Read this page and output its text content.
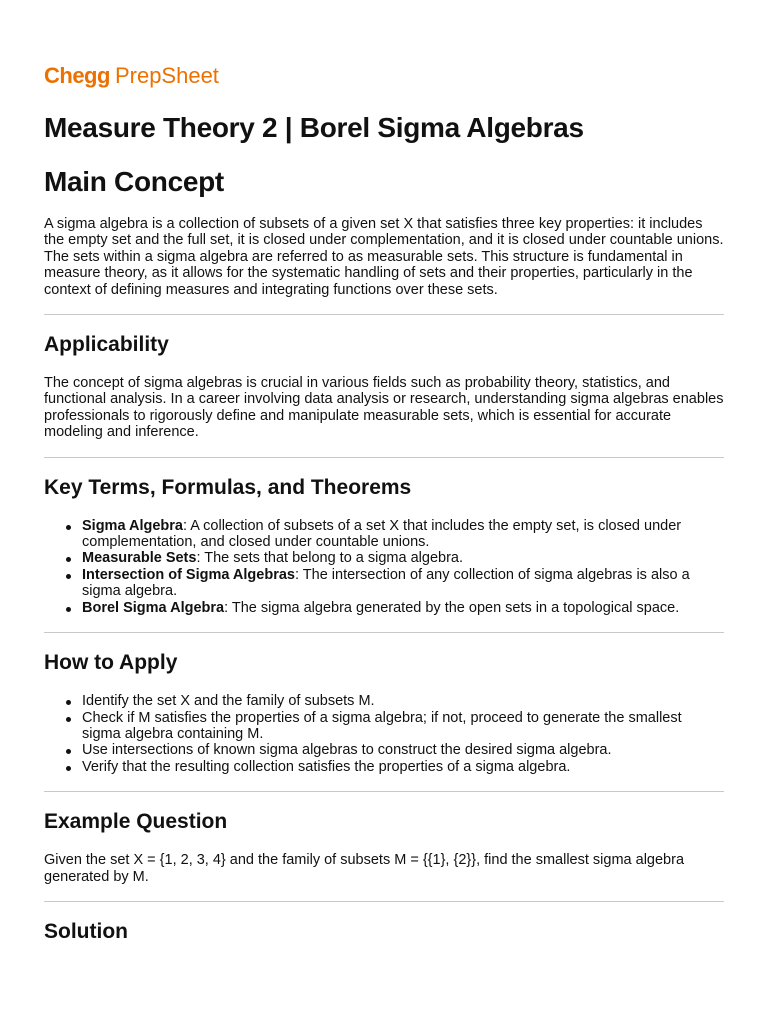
Chegg PrepSheet
Measure Theory 2 | Borel Sigma Algebras
Main Concept

A sigma algebra is a collection of subsets of a given set X that satisfies three key properties: it includes the empty set and the full set, it is closed under complementation, and it is closed under countable unions. The sets within a sigma algebra are referred to as measurable sets. This structure is fundamental in measure theory, as it allows for the systematic handling of sets and their properties, particularly in the context of defining measures and integrating functions over these sets.

Applicability

The concept of sigma algebras is crucial in various fields such as probability theory, statistics, and functional analysis. In a career involving data analysis or research, understanding sigma algebras enables professionals to rigorously define and manipulate measurable sets, which is essential for accurate modeling and inference.

Key Terms, Formulas, and Theorems
Sigma Algebra: A collection of subsets of a set X that includes the empty set, is closed under complementation, and closed under countable unions.
Measurable Sets: The sets that belong to a sigma algebra.
Intersection of Sigma Algebras: The intersection of any collection of sigma algebras is also a sigma algebra.
Borel Sigma Algebra: The sigma algebra generated by the open sets in a topological space.
How to Apply
Identify the set X and the family of subsets M.
Check if M satisfies the properties of a sigma algebra; if not, proceed to generate the smallest sigma algebra containing M.
Use intersections of known sigma algebras to construct the desired sigma algebra.
Verify that the resulting collection satisfies the properties of a sigma algebra.
Example Question

Given the set X = {1, 2, 3, 4} and the family of subsets M = {{1}, {2}}, find the smallest sigma algebra generated by M.

Solution
